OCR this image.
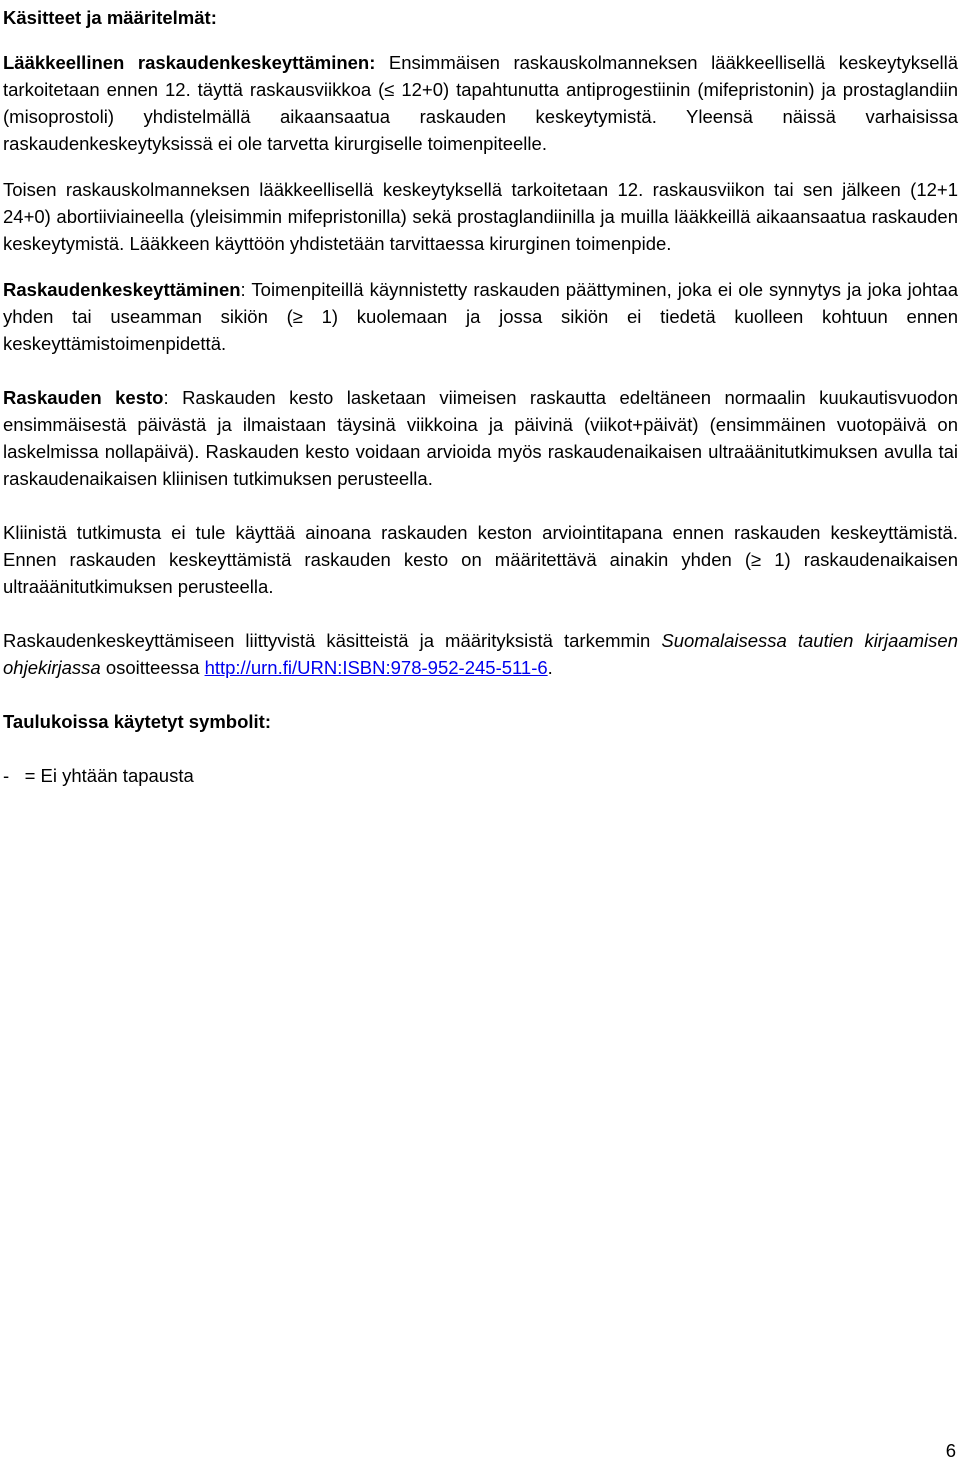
Käsitteet ja määritelmät:

Lääkkeellinen raskaudenkeskeyttäminen: Ensimmäisen raskauskolmanneksen lääkkeellisellä keskeytyksellä tarkoitetaan ennen 12. täyttä raskausviikkoa (≤ 12+0) tapahtunutta antiprogestiinin (mifepristonin) ja prostaglandiin (misoprostoli) yhdistelmällä aikaansaatua raskauden keskeytymistä. Yleensä näissä varhaisissa raskaudenkeskeytyksissä ei ole tarvetta kirurgiselle toimenpiteelle.

Toisen raskauskolmanneksen lääkkeellisellä keskeytyksellä tarkoitetaan 12. raskausviikon tai sen jälkeen (12+1 24+0) abortiiviaineella (yleisimmin mifepristonilla) sekä prostaglandiinilla ja muilla lääkkeillä aikaansaatua raskauden keskeytymistä. Lääkkeen käyttöön yhdistetään tarvittaessa kirurginen toimenpide.

Raskaudenkeskeyttäminen: Toimenpiteillä käynnistetty raskauden päättyminen, joka ei ole synnytys ja joka johtaa yhden tai useamman sikiön (≥ 1) kuolemaan ja jossa sikiön ei tiedetä kuolleen kohtuun ennen keskeyttämistoimenpidettä.

Raskauden kesto: Raskauden kesto lasketaan viimeisen raskautta edeltäneen normaalin kuukautisvuodon ensimmäisestä päivästä ja ilmaistaan täysinä viikkoina ja päivinä (viikot+päivät) (ensimmäinen vuotopäivä on laskelmissa nollapäivä). Raskauden kesto voidaan arvioida myös raskaudenaikaisen ultraäänitutkimuksen avulla tai raskaudenaikaisen kliinisen tutkimuksen perusteella.

Kliinistä tutkimusta ei tule käyttää ainoana raskauden keston arviointitapana ennen raskauden keskeyttämistä. Ennen raskauden keskeyttämistä raskauden kesto on määritettävä ainakin yhden (≥ 1) raskaudenaikaisen ultraäänitutkimuksen perusteella.

Raskaudenkeskeyttämiseen liittyvistä käsitteistä ja määrityksistä tarkemmin Suomalaisessa tautien kirjaamisen ohjekirjassa osoitteessa http://urn.fi/URN:ISBN:978-952-245-511-6.

Taulukoissa käytetyt symbolit:

-   = Ei yhtään tapausta

6
